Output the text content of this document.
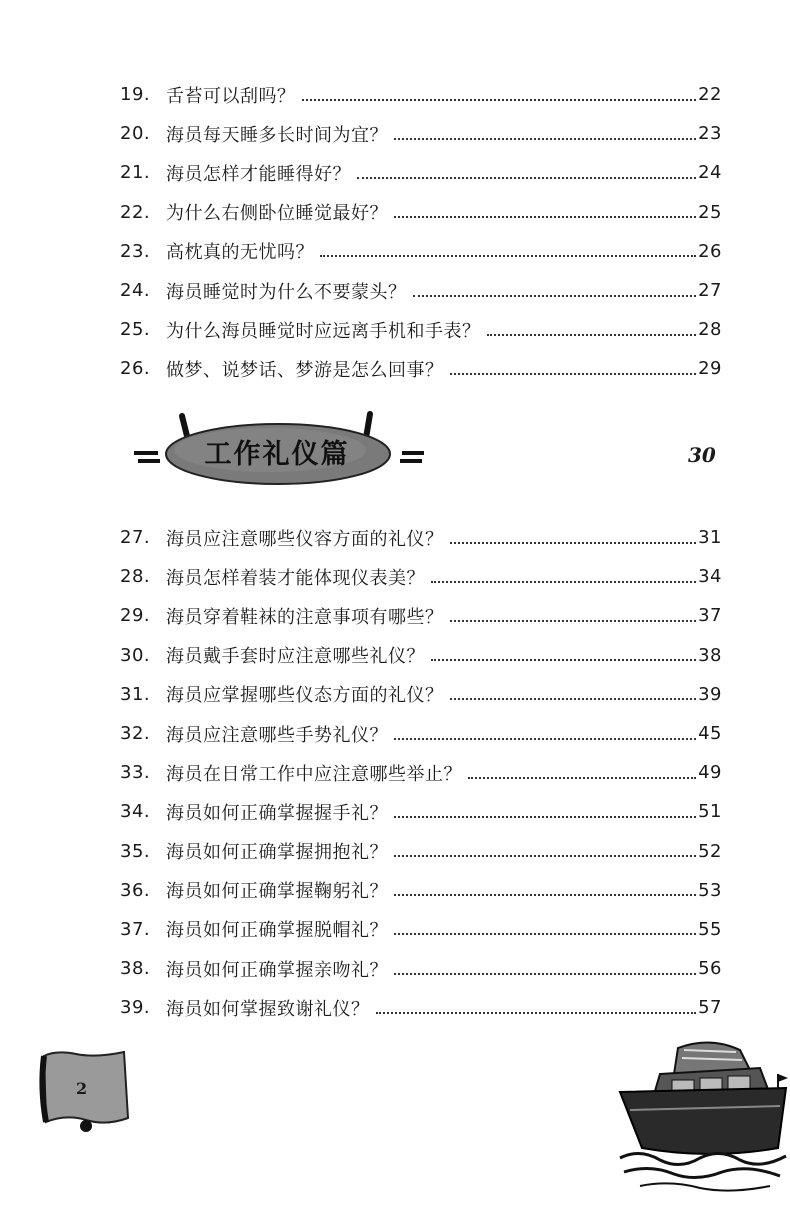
19. 舌苔可以刮吗？	22
20. 海员每天睡多长时间为宜？	23
21. 海员怎样才能睡得好？	24
22. 为什么右侧卧位睡觉最好？	25
23. 高枕真的无忧吗？	26
24. 海员睡觉时为什么不要蒙头？	27
25. 为什么海员睡觉时应远离手机和手表？	28
26. 做梦、说梦话、梦游是怎么回事？	29
工作礼仪篇	30
27. 海员应注意哪些仪容方面的礼仪？	31
28. 海员怎样着装才能体现仪表美？	34
29. 海员穿着鞋袜的注意事项有哪些？	37
30. 海员戴手套时应注意哪些礼仪？	38
31. 海员应掌握哪些仪态方面的礼仪？	39
32. 海员应注意哪些手势礼仪？	45
33. 海员在日常工作中应注意哪些举止？	49
34. 海员如何正确掌握握手礼？	51
35. 海员如何正确掌握拥抱礼？	52
36. 海员如何正确掌握鞠躬礼？	53
37. 海员如何正确掌握脱帽礼？	55
38. 海员如何正确掌握亲吻礼？	56
39. 海员如何掌握致谢礼仪？	57
2
